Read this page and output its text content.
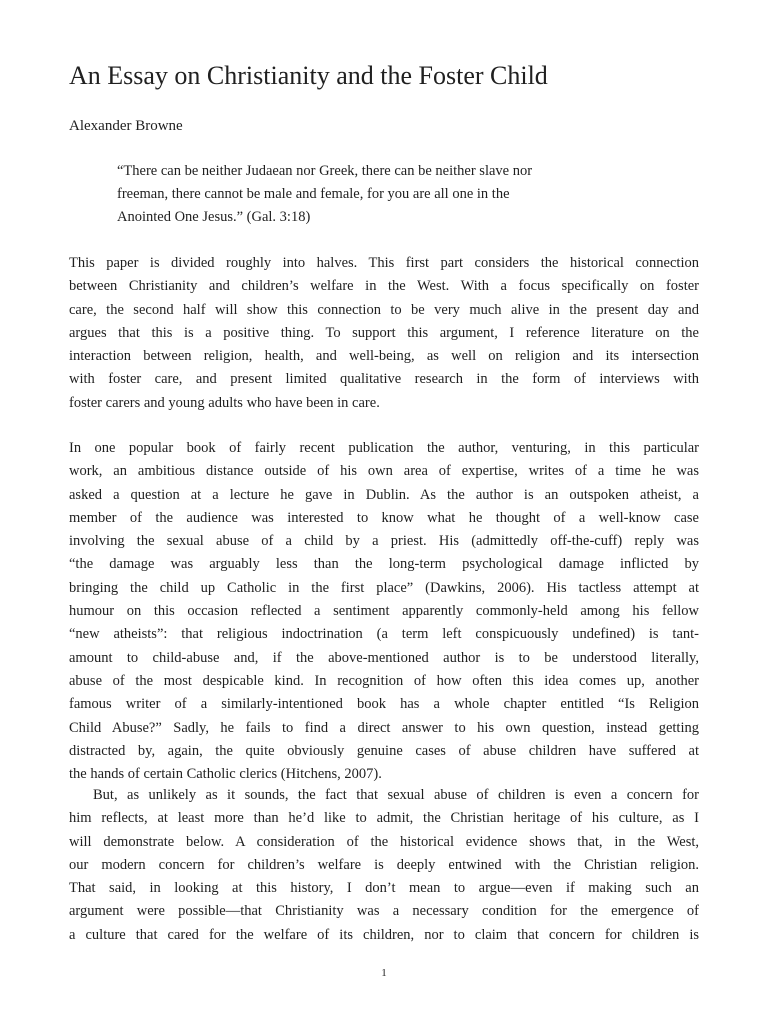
An Essay on Christianity and the Foster Child
Alexander Browne
“There can be neither Judaean nor Greek, there can be neither slave nor
freeman, there cannot be male and female, for you are all one in the
Anointed One Jesus.” (Gal. 3:18)
This paper is divided roughly into halves. This first part considers the historical connection
between Christianity and children’s welfare in the West. With a focus specifically on foster
care, the second half will show this connection to be very much alive in the present day and
argues that this is a positive thing. To support this argument, I reference literature on the
interaction between religion, health, and well-being, as well on religion and its intersection
with foster care, and present limited qualitative research in the form of interviews with
foster carers and young adults who have been in care.
In one popular book of fairly recent publication the author, venturing, in this particular
work, an ambitious distance outside of his own area of expertise, writes of a time he was
asked a question at a lecture he gave in Dublin. As the author is an outspoken atheist, a
member of the audience was interested to know what he thought of a well-know case
involving the sexual abuse of a child by a priest. His (admittedly off-the-cuff) reply was
“the damage was arguably less than the long-term psychological damage inflicted by
bringing the child up Catholic in the first place” (Dawkins, 2006). His tactless attempt at
humour on this occasion reflected a sentiment apparently commonly-held among his fellow
“new atheists”: that religious indoctrination (a term left conspicuously undefined) is tant-
amount to child-abuse and, if the above-mentioned author is to be understood literally,
abuse of the most despicable kind. In recognition of how often this idea comes up, another
famous writer of a similarly-intentioned book has a whole chapter entitled “Is Religion
Child Abuse?” Sadly, he fails to find a direct answer to his own question, instead getting
distracted by, again, the quite obviously genuine cases of abuse children have suffered at
the hands of certain Catholic clerics (Hitchens, 2007).
But, as unlikely as it sounds, the fact that sexual abuse of children is even a concern for
him reflects, at least more than he’d like to admit, the Christian heritage of his culture, as I
will demonstrate below. A consideration of the historical evidence shows that, in the West,
our modern concern for children’s welfare is deeply entwined with the Christian religion.
That said, in looking at this history, I don’t mean to argue—even if making such an
argument were possible—that Christianity was a necessary condition for the emergence of
a culture that cared for the welfare of its children, nor to claim that concern for children is
1
